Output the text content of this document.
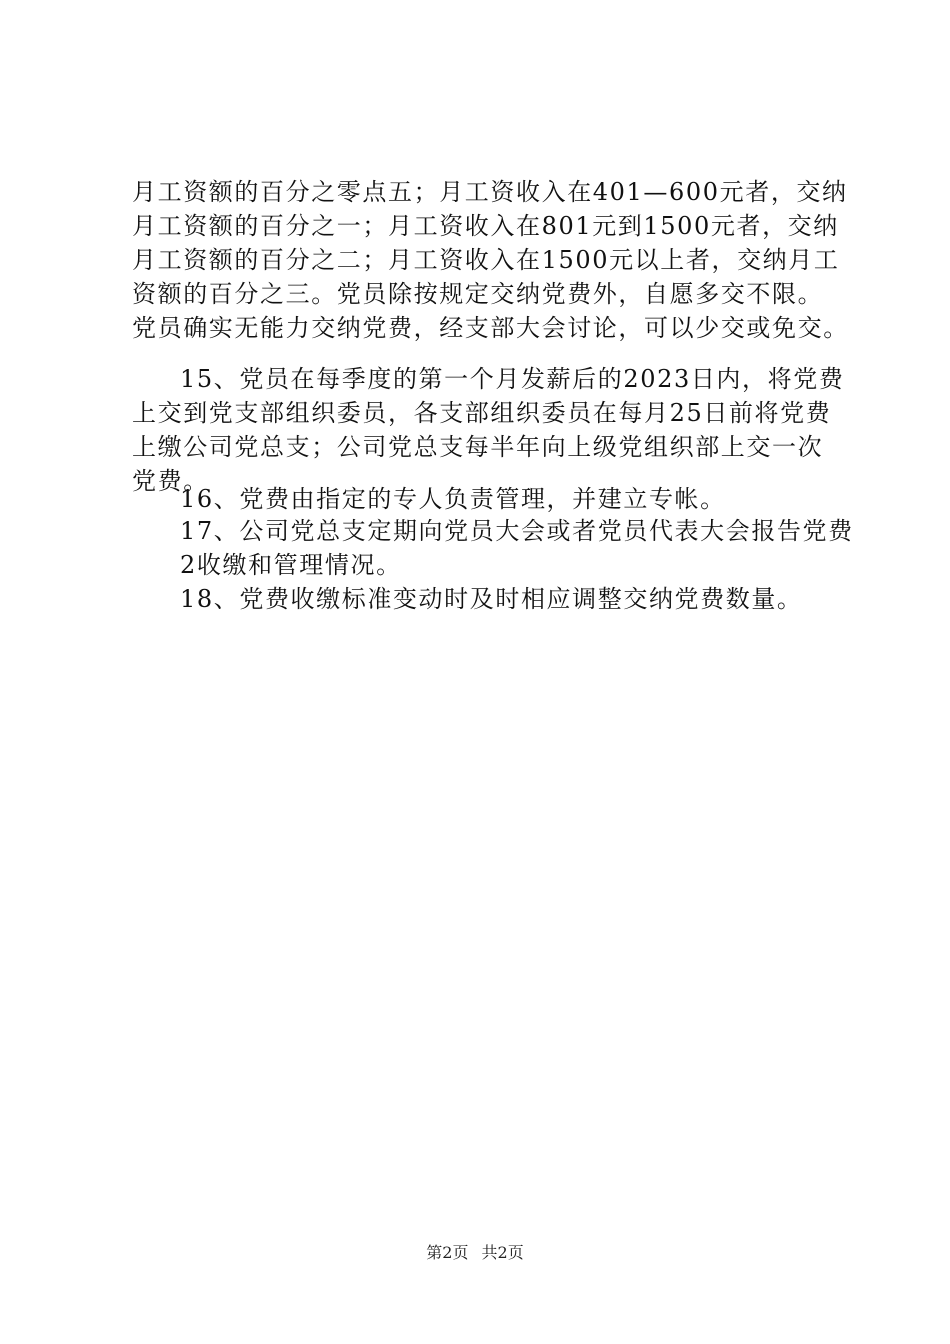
月工资额的百分之零点五；月工资收入在401—600元者，交纳
月工资额的百分之一；月工资收入在801元到1500元者，交纳
月工资额的百分之二；月工资收入在1500元以上者，交纳月工
资额的百分之三。党员除按规定交纳党费外，自愿多交不限。
党员确实无能力交纳党费，经支部大会讨论，可以少交或免交。
15、党员在每季度的第一个月发薪后的2023日内，将党费
上交到党支部组织委员，各支部组织委员在每月25日前将党费
上缴公司党总支；公司党总支每半年向上级党组织部上交一次
党费。
16、党费由指定的专人负责管理，并建立专帐。
17、公司党总支定期向党员大会或者党员代表大会报告党费
2收缴和管理情况。
18、党费收缴标准变动时及时相应调整交纳党费数量。
第2页 共2页
